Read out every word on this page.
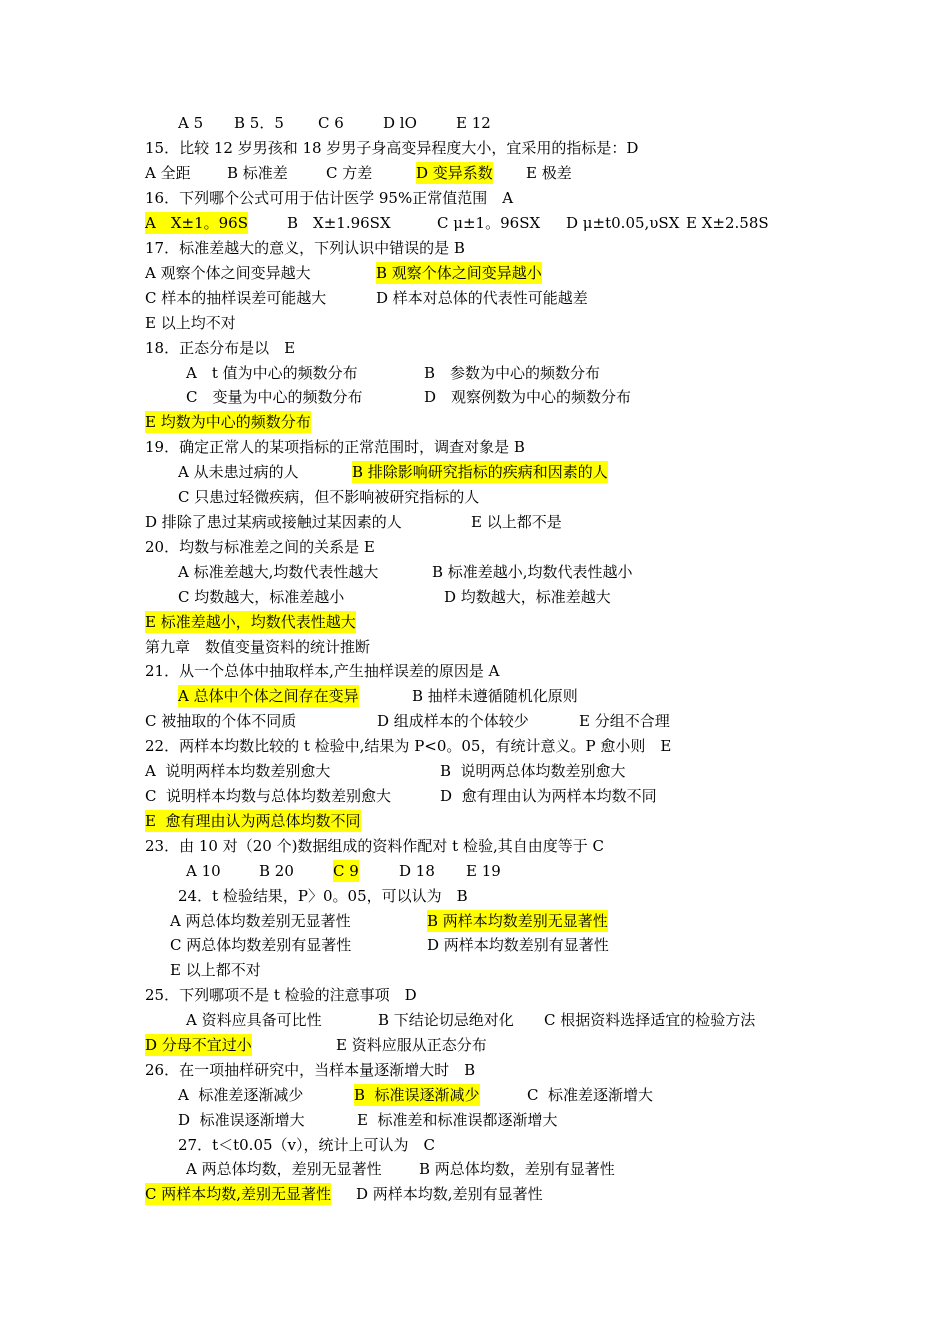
A 5 B 5．5 C 6	D lO	E 12
15．比较 12 岁男孩和 18 岁男子身高变异程度大小，宜采用的指标是：D
A 全距 B 标准差	C 方差	D 变异系数 E 极差
16．下列哪个公式可用于估计医学 95%正常值范围　A
A　X±1。96S	B　X±1.96SX	C μ±1。96SX D μ±t0.05,υSX E X±2.58S
17．标准差越大的意义，下列认识中错误的是 B
A 观察个体之间变异越大	B 观察个体之间变异越小
C 样本的抽样误差可能越大	D 样本对总体的代表性可能越差
E 以上均不对
18．正态分布是以　E
A　t 值为中心的频数分布	B　参数为中心的频数分布
C　变量为中心的频数分布	D　观察例数为中心的频数分布
E 均数为中心的频数分布
19．确定正常人的某项指标的正常范围时，调查对象是 B
A 从未患过病的人	B 排除影响研究指标的疾病和因素的人
C 只患过轻微疾病，但不影响被研究指标的人
D 排除了患过某病或接触过某因素的人	E 以上都不是
20．均数与标准差之间的关系是 E
A 标准差越大,均数代表性越大	B 标准差越小,均数代表性越小
C 均数越大，标准差越小	D 均数越大，标准差越大
E 标准差越小，均数代表性越大
第九章　数值变量资料的统计推断
21．从一个总体中抽取样本,产生抽样误差的原因是 A
A 总体中个体之间存在变异	B 抽样未遵循随机化原则
C 被抽取的个体不同质	D 组成样本的个体较少	E 分组不合理
22．两样本均数比较的 t 检验中,结果为 P<0。05，有统计意义。P 愈小则　E
A  说明两样本均数差别愈大	B  说明两总体均数差别愈大
C  说明样本均数与总体均数差别愈大	D  愈有理由认为两样本均数不同
E  愈有理由认为两总体均数不同
23．由 10 对（20 个)数据组成的资料作配对 t 检验,其自由度等于 C
A 10	B 20	C 9	D 18 E 19
24．t 检验结果，P〉0。05，可以认为　B
A 两总体均数差别无显著性	B 两样本均数差别无显著性
C 两总体均数差别有显著性	D 两样本均数差别有显著性
E 以上都不对
25．下列哪项不是 t 检验的注意事项　D
A 资料应具备可比性	B 下结论切忌绝对化 C 根据资料选择适宜的检验方法
D 分母不宜过小	E 资料应服从正态分布
26．在一项抽样研究中，当样本量逐渐增大时　B
A  标准差逐渐减少	B  标准误逐渐减少	C  标准差逐渐增大
D  标准误逐渐增大	E  标准差和标准误都逐渐增大
27．t＜t0.05（v），统计上可认为　C
A 两总体均数，差别无显著性 B 两总体均数，差别有显著性
C 两样本均数,差别无显著性 D 两样本均数,差别有显著性
